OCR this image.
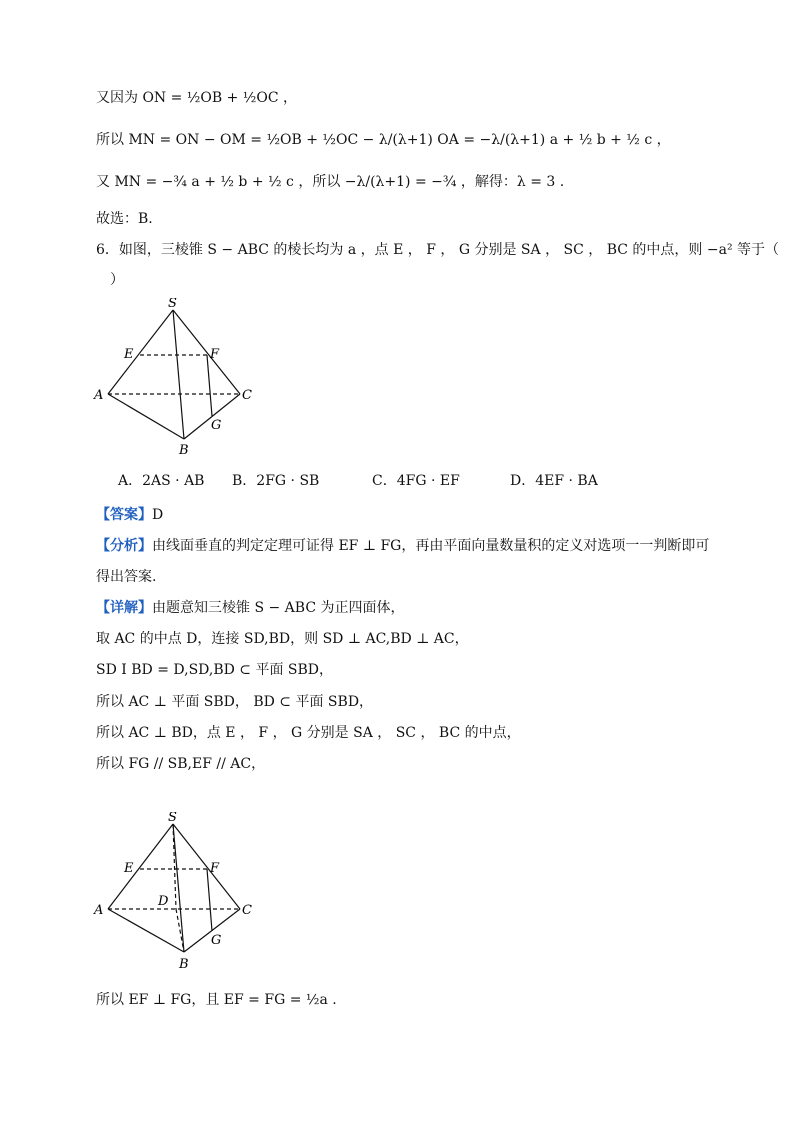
又因为 ON = ½OB + ½OC ，
所以 MN = ON − OM = ½OB + ½OC − λ/(λ+1) OA = −λ/(λ+1) a + ½ b + ½ c ，
又 MN = −¾ a + ½ b + ½ c ，所以 −λ/(λ+1) = −¾ ，解得：λ = 3 .
故选：B.
6．如图，三棱锥 S − ABC 的棱长均为 a ，点 E ， F ， G 分别是 SA ， SC ， BC 的中点，则 −a² 等于（
）
S
E	F
A	C
G
B
A．2AS · AB B．2FG · SB	C．4FG · EF	D．4EF · BA
【答案】D
【分析】由线面垂直的判定定理可证得 EF ⊥ FG，再由平面向量数量积的定义对选项一一判断即可
得出答案.
【详解】由题意知三棱锥 S − ABC 为正四面体，
取 AC 的中点 D，连接 SD,BD，则 SD ⊥ AC,BD ⊥ AC，
SD I BD = D,SD,BD ⊂ 平面 SBD，
所以 AC ⊥ 平面 SBD， BD ⊂ 平面 SBD，
所以 AC ⊥ BD，点 E ， F ， G 分别是 SA ， SC ， BC 的中点，
所以 FG // SB,EF // AC，
S
E	F
D
A	C
G
B
所以 EF ⊥ FG，且 EF = FG = ½a .
